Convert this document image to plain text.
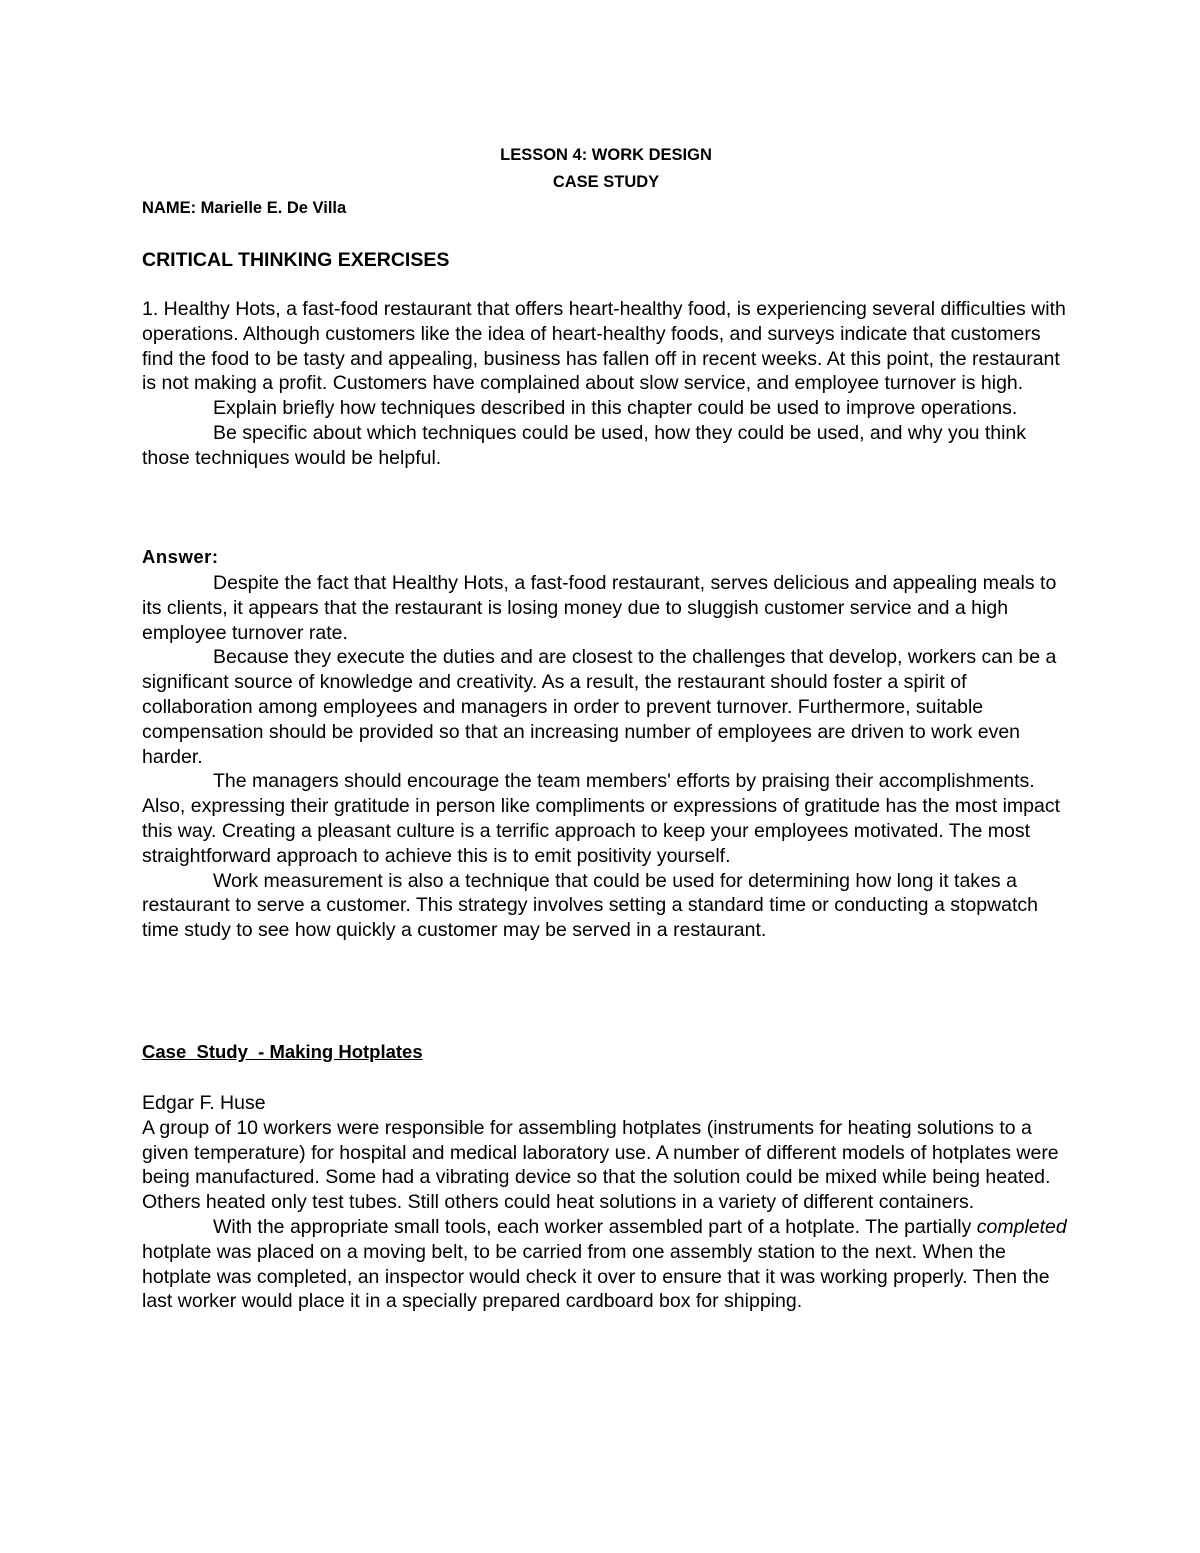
LESSON 4: WORK DESIGN
CASE STUDY
NAME: Marielle E. De Villa
CRITICAL THINKING EXERCISES

1. Healthy Hots, a fast-food restaurant that offers heart-healthy food, is experiencing several difficulties with operations. Although customers like the idea of heart-healthy foods, and surveys indicate that customers find the food to be tasty and appealing, business has fallen off in recent weeks. At this point, the restaurant is not making a profit. Customers have complained about slow service, and employee turnover is high.

Explain briefly how techniques described in this chapter could be used to improve operations.

Be specific about which techniques could be used, how they could be used, and why you think those techniques would be helpful.

Answer:

Despite the fact that Healthy Hots, a fast-food restaurant, serves delicious and appealing meals to its clients, it appears that the restaurant is losing money due to sluggish customer service and a high employee turnover rate.

Because they execute the duties and are closest to the challenges that develop, workers can be a significant source of knowledge and creativity. As a result, the restaurant should foster a spirit of collaboration among employees and managers in order to prevent turnover. Furthermore, suitable compensation should be provided so that an increasing number of employees are driven to work even harder.

The managers should encourage the team members' efforts by praising their accomplishments. Also, expressing their gratitude in person like compliments or expressions of gratitude has the most impact this way. Creating a pleasant culture is a terrific approach to keep your employees motivated. The most straightforward approach to achieve this is to emit positivity yourself.

Work measurement is also a technique that could be used for determining how long it takes a restaurant to serve a customer. This strategy involves setting a standard time or conducting a stopwatch time study to see how quickly a customer may be served in a restaurant.

Case  Study  - Making Hotplates

Edgar F. Huse

A group of 10 workers were responsible for assembling hotplates (instruments for heating solutions to a given temperature) for hospital and medical laboratory use. A number of different models of hotplates were being manufactured. Some had a vibrating device so that the solution could be mixed while being heated. Others heated only test tubes. Still others could heat solutions in a variety of different containers.

With the appropriate small tools, each worker assembled part of a hotplate. The partially completed hotplate was placed on a moving belt, to be carried from one assembly station to the next. When the hotplate was completed, an inspector would check it over to ensure that it was working properly. Then the last worker would place it in a specially prepared cardboard box for shipping.
